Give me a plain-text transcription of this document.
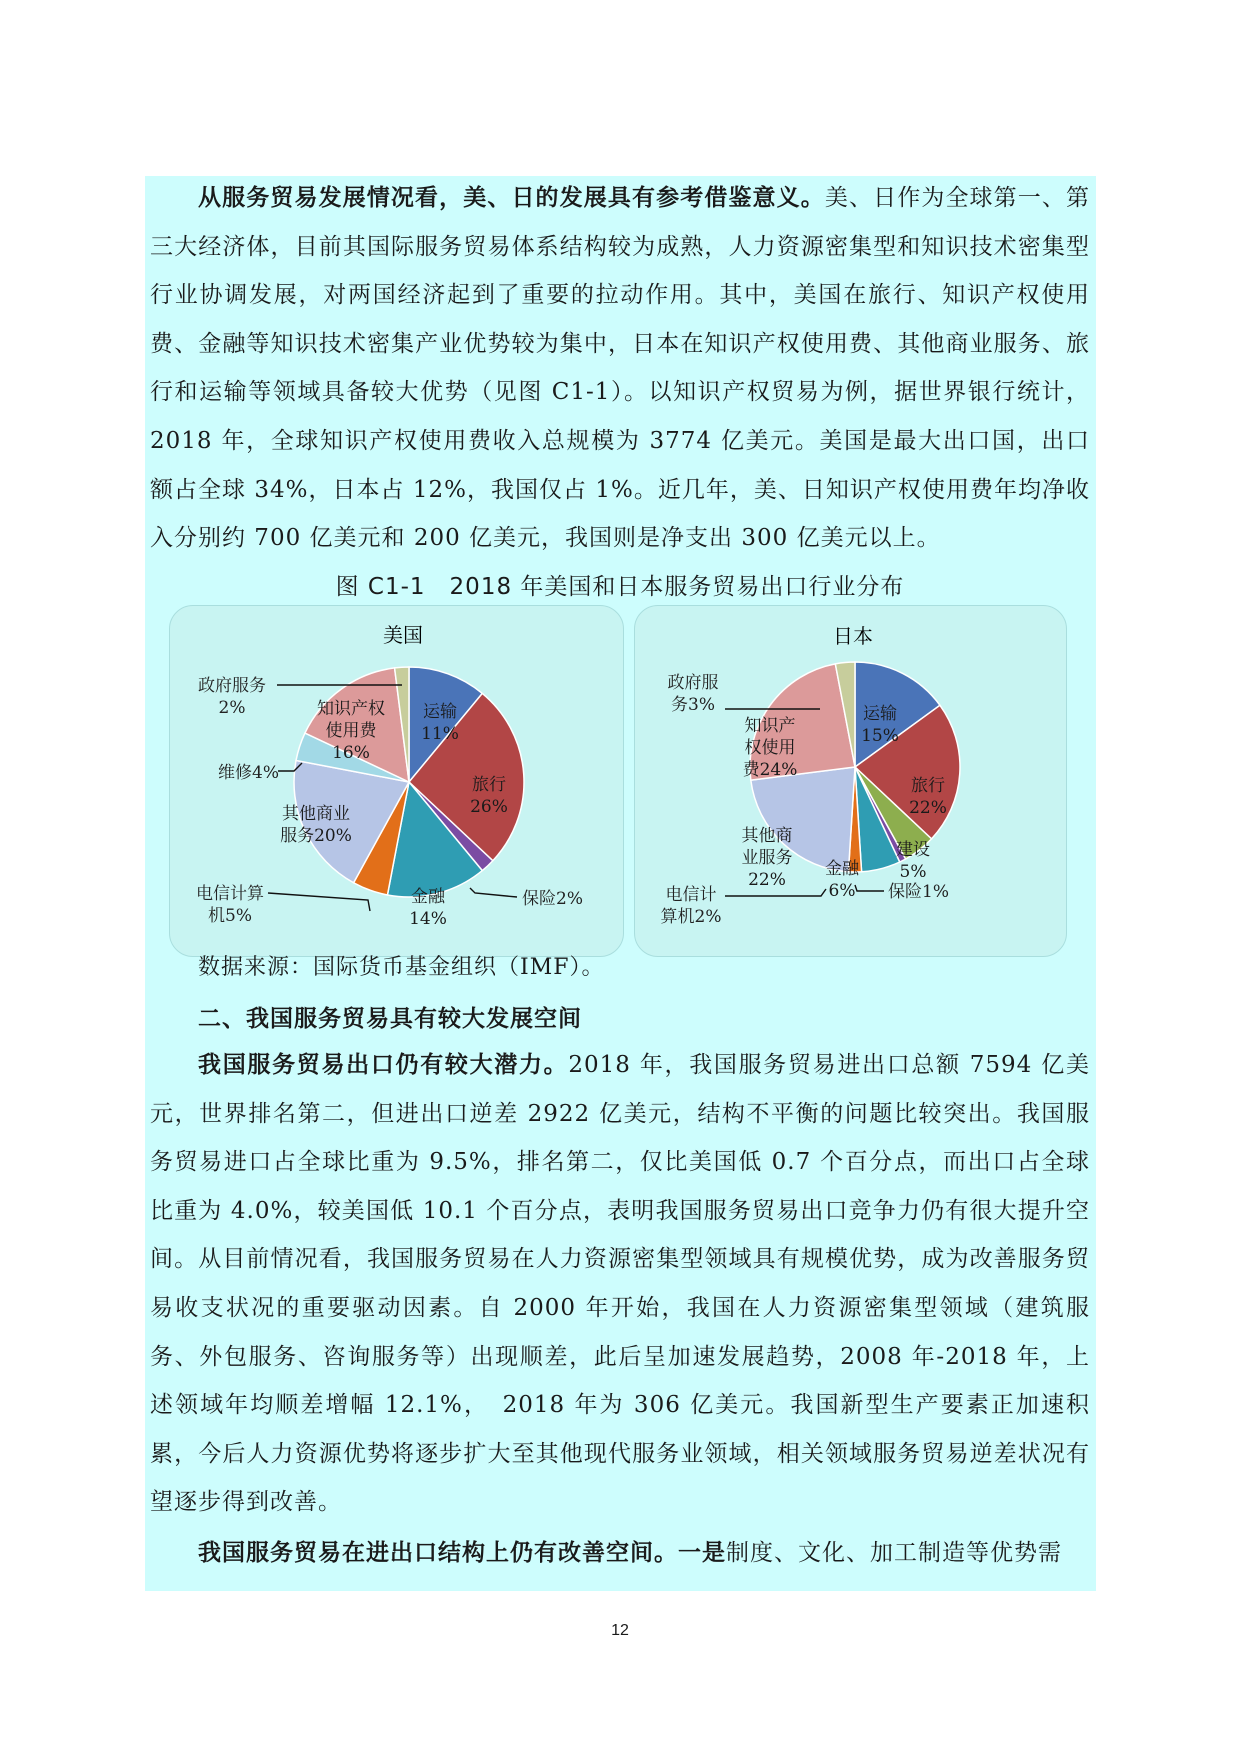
从服务贸易发展情况看，美、日的发展具有参考借鉴意义。美、日作为全球第一、第三大经济体，目前其国际服务贸易体系结构较为成熟，人力资源密集型和知识技术密集型行业协调发展，对两国经济起到了重要的拉动作用。其中，美国在旅行、知识产权使用费、金融等知识技术密集产业优势较为集中，日本在知识产权使用费、其他商业服务、旅行和运输等领域具备较大优势（见图 C1-1）。以知识产权贸易为例，据世界银行统计，2018 年，全球知识产权使用费收入总规模为 3774 亿美元。美国是最大出口国，出口额占全球 34%，日本占 12%，我国仅占 1%。近几年，美、日知识产权使用费年均净收入分别约 700 亿美元和 200 亿美元，我国则是净支出 300 亿美元以上。
图 C1-1　2018 年美国和日本服务贸易出口行业分布
美国
运输 11%
旅行 26%
保险2%
金融 14%
电信计算机5%
其他商业服务20%
维修4%
知识产权使用费 16%
政府服务 2%
日本
运输 15%
旅行 22%
建设 5%
保险1%
金融 6%
电信计算机2%
其他商业服务 22%
知识产权使用费24%
政府服务3%
数据来源：国际货币基金组织（IMF）。
二、我国服务贸易具有较大发展空间
我国服务贸易出口仍有较大潜力。2018 年，我国服务贸易进出口总额 7594 亿美元，世界排名第二，但进出口逆差 2922 亿美元，结构不平衡的问题比较突出。我国服务贸易进口占全球比重为 9.5%，排名第二，仅比美国低 0.7 个百分点，而出口占全球比重为 4.0%，较美国低 10.1 个百分点，表明我国服务贸易出口竞争力仍有很大提升空间。从目前情况看，我国服务贸易在人力资源密集型领域具有规模优势，成为改善服务贸易收支状况的重要驱动因素。自 2000 年开始，我国在人力资源密集型领域（建筑服务、外包服务、咨询服务等）出现顺差，此后呈加速发展趋势，2008 年-2018 年，上述领域年均顺差增幅 12.1%，　2018 年为 306 亿美元。我国新型生产要素正加速积累，今后人力资源优势将逐步扩大至其他现代服务业领域，相关领域服务贸易逆差状况有望逐步得到改善。
我国服务贸易在进出口结构上仍有改善空间。一是制度、文化、加工制造等优势需
12
